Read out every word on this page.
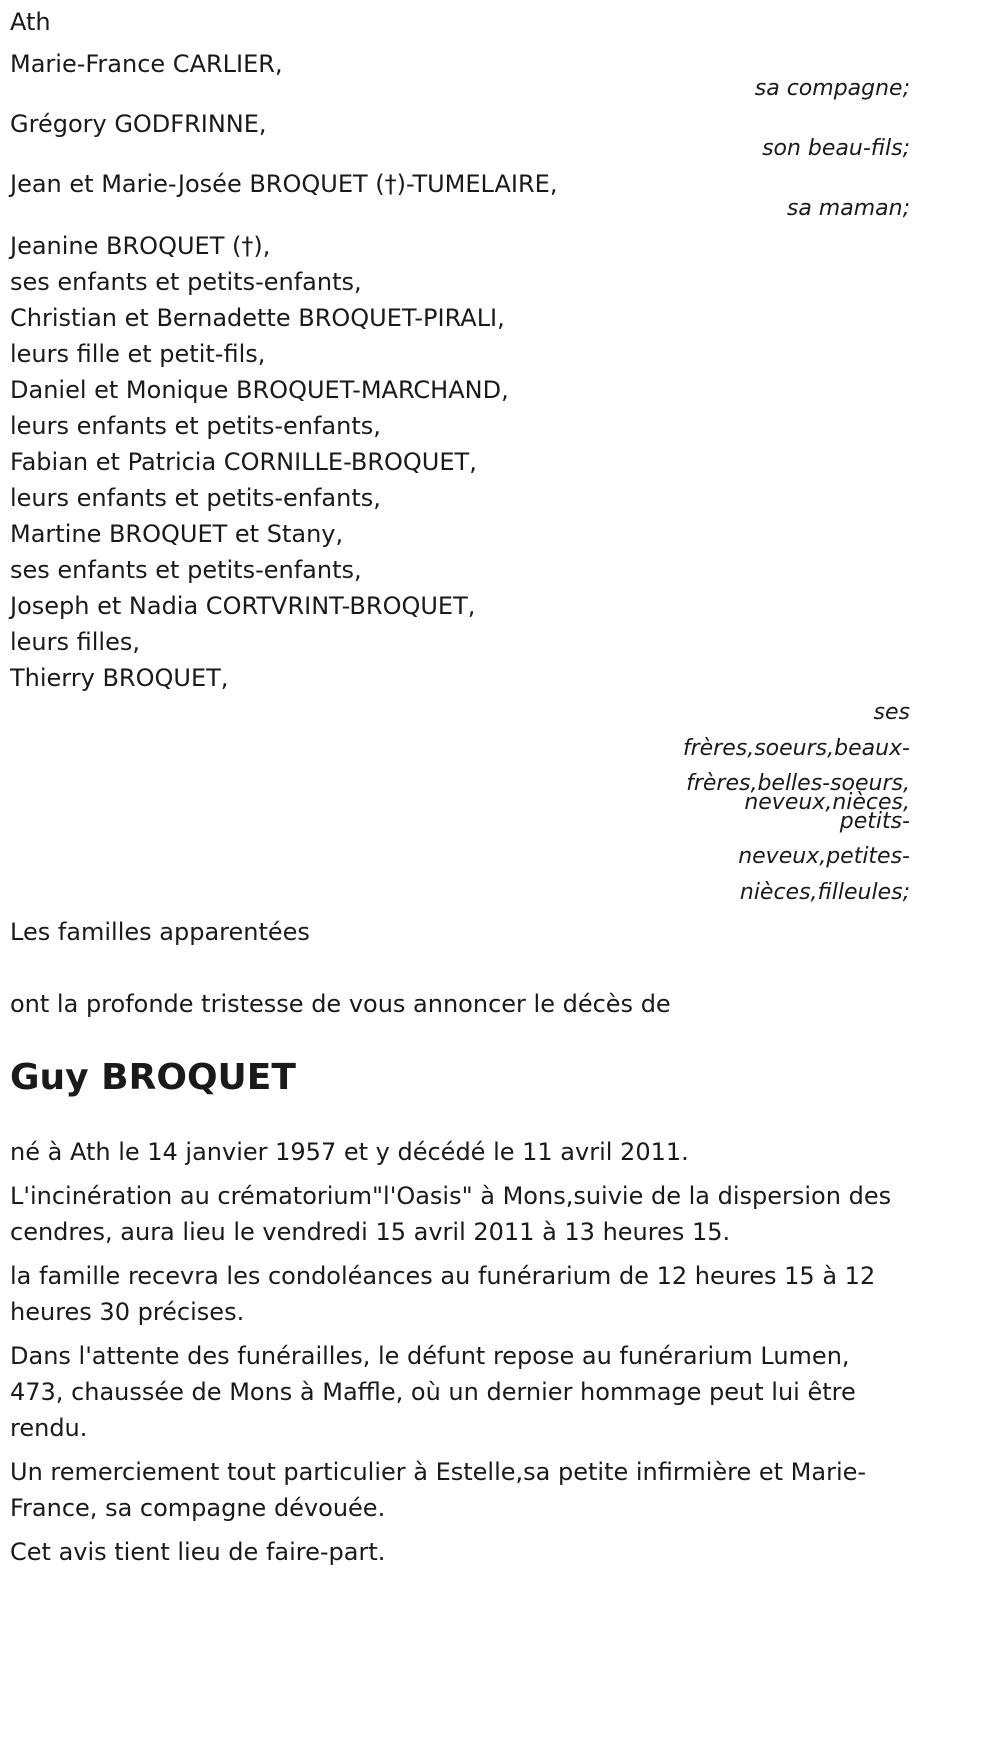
Ath

Marie-France CARLIER,

sa compagne;

Grégory GODFRINNE,

son beau-fils;

Jean et Marie-Josée BROQUET (†)-TUMELAIRE,

sa maman;

Jeanine BROQUET (†),

ses enfants et petits-enfants,

Christian et Bernadette BROQUET-PIRALI,

leurs fille et petit-fils,

Daniel et Monique BROQUET-MARCHAND,

leurs enfants et petits-enfants,

Fabian et Patricia CORNILLE-BROQUET,

leurs enfants et petits-enfants,

Martine BROQUET et Stany,

ses enfants et petits-enfants,

Joseph et Nadia CORTVRINT-BROQUET,

leurs filles,

Thierry BROQUET,

ses
frères,soeurs,beaux-
frères,belles-soeurs,
neveux,nièces,
petits-
neveux,petites-
nièces,filleules;

Les familles apparentées

ont la profonde tristesse de vous annoncer le décès de

Guy BROQUET

né à Ath le 14 janvier 1957 et y décédé le 11 avril 2011.

L'incinération au crématorium"l'Oasis" à Mons,suivie de la dispersion des cendres, aura lieu le vendredi 15 avril 2011 à 13 heures 15.

la famille recevra les condoléances au funérarium de 12 heures 15 à 12 heures 30 précises.

Dans l'attente des funérailles, le défunt repose au funérarium Lumen, 473, chaussée de Mons à Maffle, où un dernier hommage peut lui être rendu.

Un remerciement tout particulier à Estelle,sa petite infirmière et Marie-France, sa compagne dévouée.

Cet avis tient lieu de faire-part.
